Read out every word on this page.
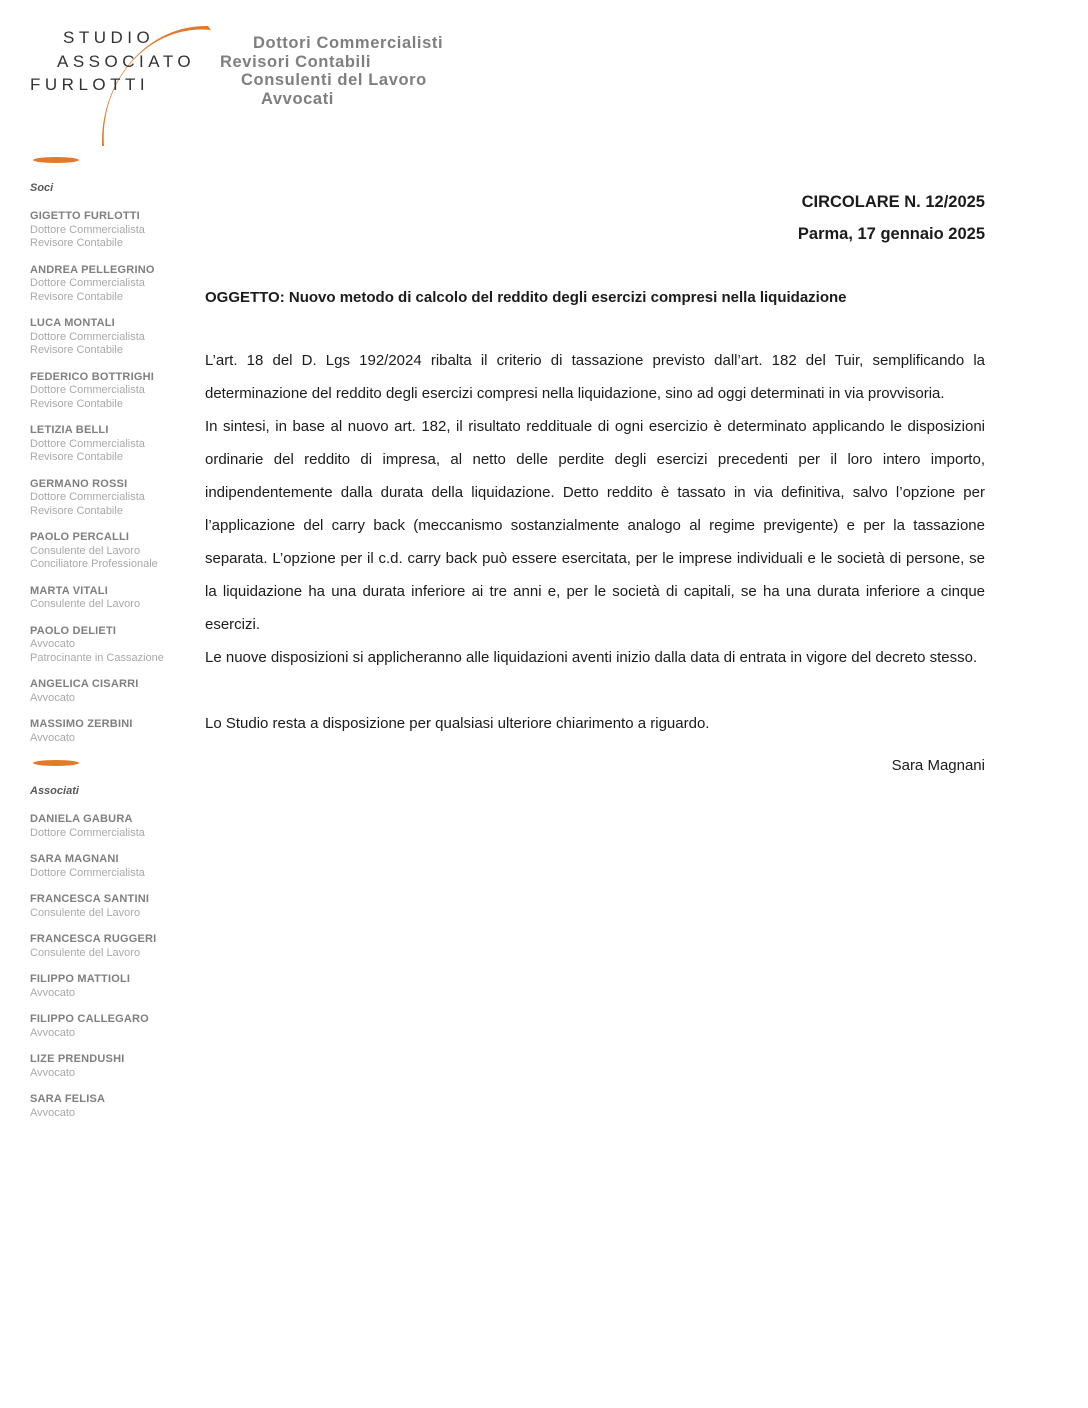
STUDIO
ASSOCIATO
FURLOTTI
Dottori Commercialisti
Revisori Contabili
Consulenti del Lavoro
Avvocati
Soci
GIGETTO FURLOTTI
Dottore Commercialista
Revisore Contabile
ANDREA PELLEGRINO
Dottore Commercialista
Revisore Contabile
LUCA MONTALI
Dottore Commercialista
Revisore Contabile
FEDERICO BOTTRIGHI
Dottore Commercialista
Revisore Contabile
LETIZIA BELLI
Dottore Commercialista
Revisore Contabile
GERMANO ROSSI
Dottore Commercialista
Revisore Contabile
PAOLO PERCALLI
Consulente del Lavoro
Conciliatore Professionale
MARTA VITALI
Consulente del Lavoro
PAOLO DELIETI
Avvocato
Patrocinante in Cassazione
ANGELICA CISARRI
Avvocato
MASSIMO ZERBINI
Avvocato
Associati
DANIELA GABURA
Dottore Commercialista
SARA MAGNANI
Dottore Commercialista
FRANCESCA SANTINI
Consulente del Lavoro
FRANCESCA RUGGERI
Consulente del Lavoro
FILIPPO MATTIOLI
Avvocato
FILIPPO CALLEGARO
Avvocato
LIZE PRENDUSHI
Avvocato
SARA FELISA
Avvocato
CIRCOLARE N. 12/2025
Parma, 17 gennaio 2025
OGGETTO: Nuovo metodo di calcolo del reddito degli esercizi compresi nella liquidazione

L’art. 18 del D. Lgs 192/2024 ribalta il criterio di tassazione previsto dall’art. 182 del Tuir, semplificando la determinazione del reddito degli esercizi compresi nella liquidazione, sino ad oggi determinati in via provvisoria.

In sintesi, in base al nuovo art. 182, il risultato reddituale di ogni esercizio è determinato applicando le disposizioni ordinarie del reddito di impresa, al netto delle perdite degli esercizi precedenti per il loro intero importo, indipendentemente dalla durata della liquidazione. Detto reddito è tassato in via definitiva, salvo l’opzione per l’applicazione del carry back (meccanismo sostanzialmente analogo al regime previgente) e per la tassazione separata. L’opzione per il c.d. carry back può essere esercitata, per le imprese individuali e le società di persone, se la liquidazione ha una durata inferiore ai tre anni e, per le società di capitali, se ha una durata inferiore a cinque esercizi.

Le nuove disposizioni si applicheranno alle liquidazioni aventi inizio dalla data di entrata in vigore del decreto stesso.

Lo Studio resta a disposizione per qualsiasi ulteriore chiarimento a riguardo.
Sara Magnani
